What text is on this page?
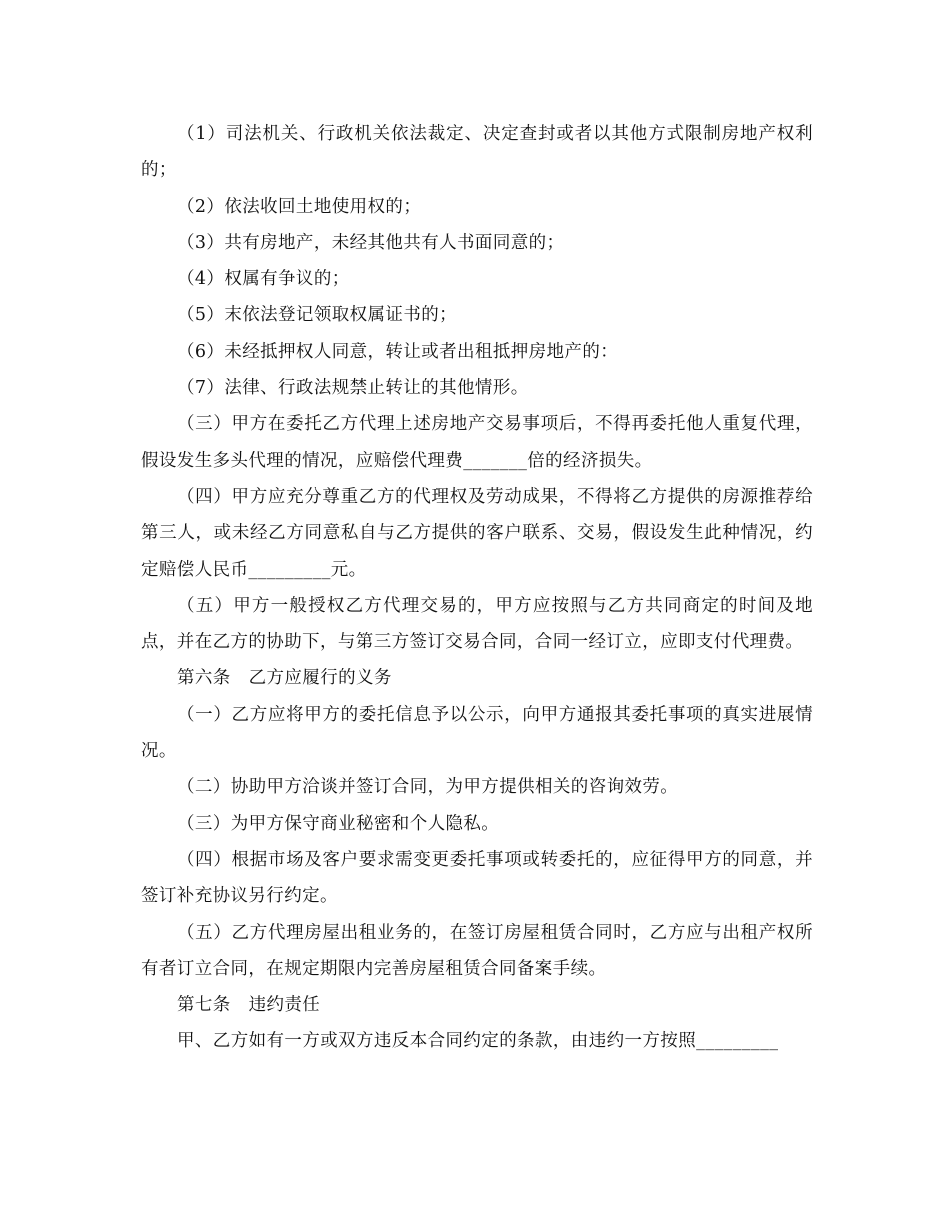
（1）司法机关、行政机关依法裁定、决定查封或者以其他方式限制房地产权利的；

（2）依法收回土地使用权的；

（3）共有房地产，未经其他共有人书面同意的；

（4）权属有争议的；

（5）末依法登记领取权属证书的；

（6）未经抵押权人同意，转让或者出租抵押房地产的：

（7）法律、行政法规禁止转让的其他情形。

（三）甲方在委托乙方代理上述房地产交易事项后，不得再委托他人重复代理，假设发生多头代理的情况，应赔偿代理费_______倍的经济损失。

（四）甲方应充分尊重乙方的代理权及劳动成果，不得将乙方提供的房源推荐给第三人，或未经乙方同意私自与乙方提供的客户联系、交易，假设发生此种情况，约定赔偿人民币_________元。

（五）甲方一般授权乙方代理交易的，甲方应按照与乙方共同商定的时间及地点，并在乙方的协助下，与第三方签订交易合同，合同一经订立，应即支付代理费。

第六条　乙方应履行的义务

（一）乙方应将甲方的委托信息予以公示，向甲方通报其委托事项的真实进展情况。

（二）协助甲方洽谈并签订合同，为甲方提供相关的咨询效劳。

（三）为甲方保守商业秘密和个人隐私。

（四）根据市场及客户要求需变更委托事项或转委托的，应征得甲方的同意，并签订补充协议另行约定。

（五）乙方代理房屋出租业务的，在签订房屋租赁合同时，乙方应与出租产权所有者订立合同，在规定期限内完善房屋租赁合同备案手续。

第七条　违约责任

甲、乙方如有一方或双方违反本合同约定的条款，由违约一方按照_________
